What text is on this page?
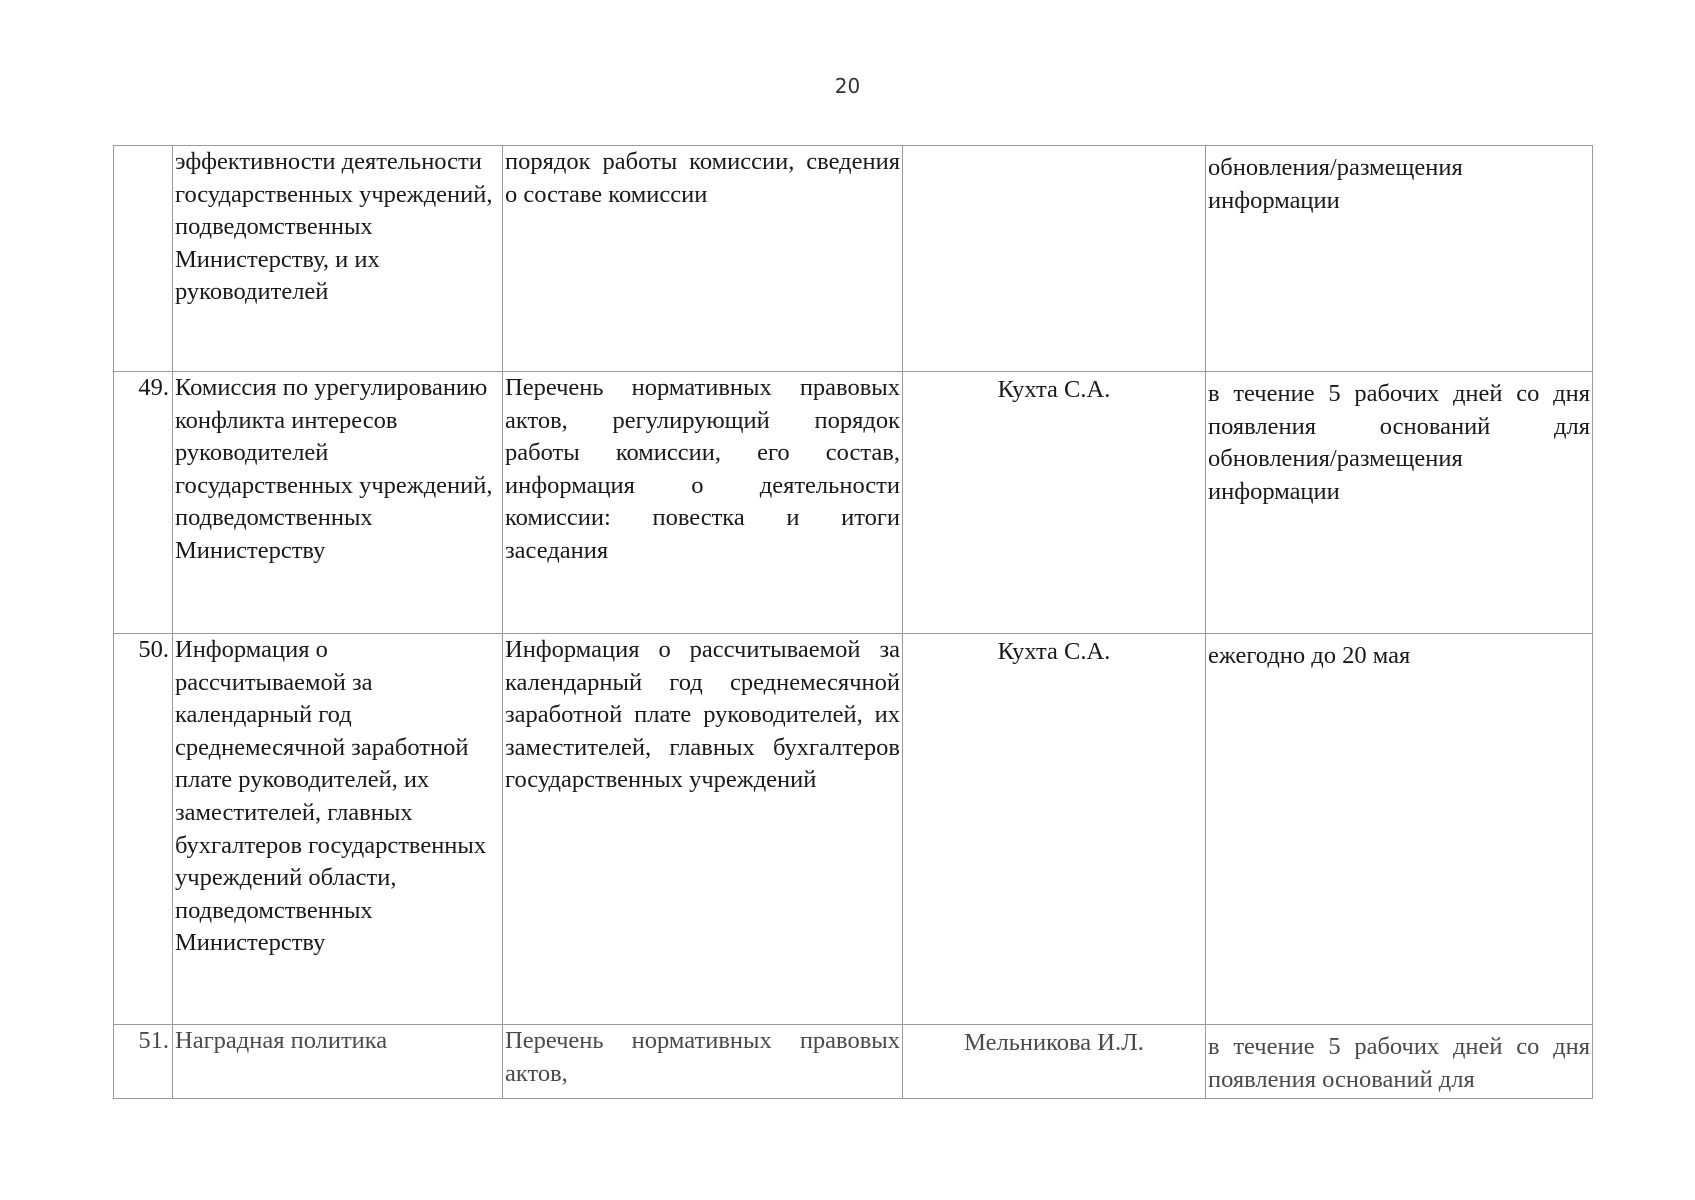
20
	эффективности деятельности государственных учреждений, подведомственных Министерству, и их руководителей	порядок работы комиссии, сведения о составе комиссии		обновления/размещения информации

49.	Комиссия по урегулированию конфликта интересов руководителей государственных учреждений, подведомственных Министерству	Перечень нормативных правовых актов, регулирующий порядок работы комиссии, его состав, информация о деятельности комиссии: повестка и итоги заседания	Кухта С.А.	в течение 5 рабочих дней со дня появления оснований для обновления/размещения информации

50.	Информация о рассчитываемой за календарный год среднемесячной заработной плате руководителей, их заместителей, главных бухгалтеров государственных учреждений области, подведомственных Министерству	Информация о рассчитываемой за календарный год среднемесячной заработной плате руководителей, их заместителей, главных бухгалтеров государственных учреждений	Кухта С.А.	ежегодно до 20 мая

51.	Наградная политика	Перечень нормативных правовых актов,	Мельникова И.Л.	в течение 5 рабочих дней со дня появления оснований для
